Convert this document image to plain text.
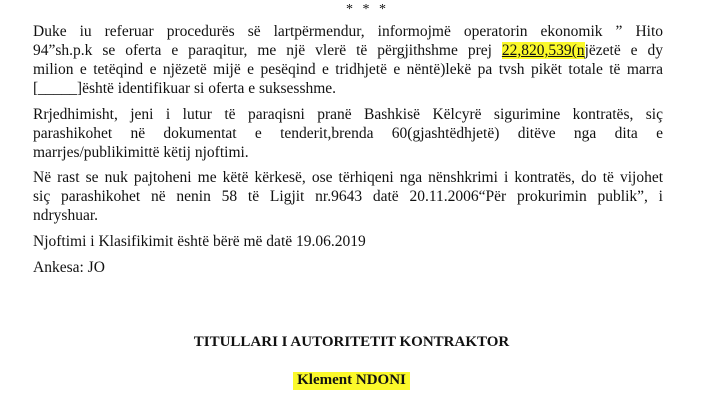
* * *
Duke iu referuar procedurës së lartpërmendur, informojmë operatorin ekonomik ” Hito
94”sh.p.k se oferta e paraqitur, me një vlerë të përgjithshme prej 22,820,539(njëzetë e dy
milion e tetëqind e njëzetë mijë e pesëqind e tridhjetë e nëntë)lekë pa tvsh pikët totale të marra
[_____]është identifikuar si oferta e suksesshme.
Rrjedhimisht, jeni i lutur të paraqisni pranë Bashkisë Këlcyrë sigurimine kontratës, siç
parashikohet në dokumentat e tenderit,brenda 60(gjashtëdhjetë) ditëve nga dita e
marrjes/publikimittë këtij njoftimi.
Në rast se nuk pajtoheni me këtë kërkesë, ose tërhiqeni nga nënshkrimi i kontratës, do të vijohet
siç parashikohet në nenin 58 të Ligjit nr.9643 datë 20.11.2006“Për prokurimin publik”, i
ndryshuar.
Njoftimi i Klasifikimit është bërë më datë 19.06.2019
Ankesa: JO
TITULLARI I AUTORITETIT KONTRAKTOR
Klement NDONI
